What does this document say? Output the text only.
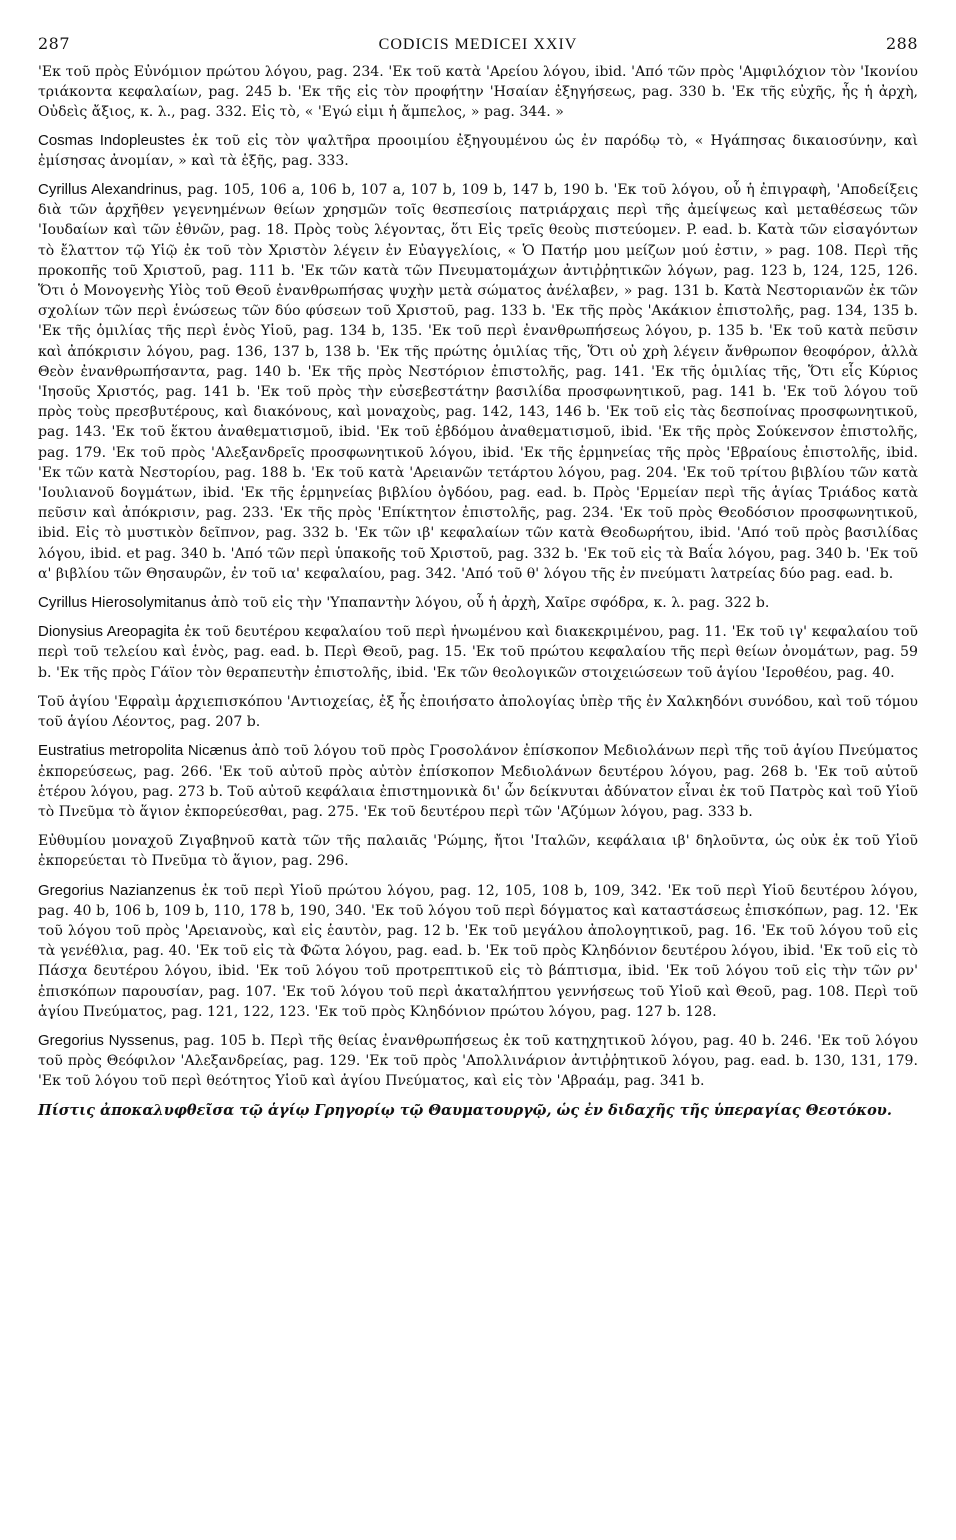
287	CODICIS MEDICEI XXIV	288

'Εκ τοῦ πρὸς Εὐνόμιον πρώτου λόγου, pag. 234. 'Εκ τοῦ κατὰ 'Αρείου λόγου, ibid. 'Από τῶν πρὸς 'Αμφιλόχιον τὸν 'Ικονίου τριάκοντα κεφαλαίων, pag. 245 b. 'Εκ τῆς εἰς τὸν προφήτην 'Ησαίαν ἐξηγήσεως, pag. 330 b. 'Εκ τῆς εὐχῆς, ἧς ἡ ἀρχὴ, Οὐδεὶς ἄξιος, κ. λ., pag. 332. Εἰς τὸ, « 'Εγώ εἰμι ἡ ἄμπελος, » pag. 344. »

Cosmas Indopleustes ἐκ τοῦ εἰς τὸν ψαλτῆρα προοιμίου ἐξηγουμένου ὡς ἐν παρόδῳ τὸ, « Ηγάπησας δικαιοσύνην, καὶ ἐμίσησας ἀνομίαν, » καὶ τὰ ἑξῆς, pag. 333.

Cyrillus Alexandrinus, pag. 105, 106 a, 106 b, 107 a, 107 b, 109 b, 147 b, 190 b. 'Εκ τοῦ λόγου, οὗ ἡ ἐπιγραφὴ, 'Αποδείξεις διὰ τῶν ἀρχῆθεν γεγενημένων θείων χρησμῶν τοῖς θεσπεσίοις πατριάρχαις περὶ τῆς ἀμείψεως καὶ μεταθέσεως τῶν 'Ιουδαίων καὶ τῶν ἐθνῶν, pag. 18. Πρὸς τοὺς λέγοντας, ὅτι Εἰς τρεῖς θεοὺς πιστεύομεν. P. ead. b. Κατὰ τῶν εἰσαγόντων τὸ ἔλαττον τῷ Υἱῷ ἐκ τοῦ τὸν Χριστὸν λέγειν ἐν Εὐαγγελίοις, « Ὁ Πατήρ μου μείζων μού ἐστιν, » pag. 108. Περὶ τῆς προκοπῆς τοῦ Χριστοῦ, pag. 111 b. 'Εκ τῶν κατὰ τῶν Πνευματομάχων ἀντιῤῥητικῶν λόγων, pag. 123 b, 124, 125, 126. Ὅτι ὁ Μονογενὴς Υἱὸς τοῦ Θεοῦ ἐνανθρωπήσας ψυχὴν μετὰ σώματος ἀνέλαβεν, » pag. 131 b. Κατὰ Νεστοριανῶν ἐκ τῶν σχολίων τῶν περὶ ἑνώσεως τῶν δύο φύσεων τοῦ Χριστοῦ, pag. 133 b. 'Εκ τῆς πρὸς 'Ακάκιον ἐπιστολῆς, pag. 134, 135 b. 'Εκ τῆς ὁμιλίας τῆς περὶ ἑνὸς Υἱοῦ, pag. 134 b, 135. 'Εκ τοῦ περὶ ἐνανθρωπήσεως λόγου, p. 135 b. 'Εκ τοῦ κατὰ πεῦσιν καὶ ἀπόκρισιν λόγου, pag. 136, 137 b, 138 b. 'Εκ τῆς πρώτης ὁμιλίας τῆς, Ὅτι οὐ χρὴ λέγειν ἄνθρωπον θεοφόρον, ἀλλὰ Θεὸν ἐνανθρωπήσαντα, pag. 140 b. 'Εκ τῆς πρὸς Νεστόριον ἐπιστολῆς, pag. 141. 'Εκ τῆς ὁμιλίας τῆς, Ὅτι εἷς Κύριος 'Ιησοῦς Χριστός, pag. 141 b. 'Εκ τοῦ πρὸς τὴν εὐσεβεστάτην βασιλίδα προσφωνητικοῦ, pag. 141 b. 'Εκ τοῦ λόγου τοῦ πρὸς τοὺς πρεσβυτέρους, καὶ διακόνους, καὶ μοναχοὺς, pag. 142, 143, 146 b. 'Εκ τοῦ εἰς τὰς δεσποίνας προσφωνητικοῦ, pag. 143. 'Εκ τοῦ ἕκτου ἀναθεματισμοῦ, ibid. 'Εκ τοῦ ἑβδόμου ἀναθεματισμοῦ, ibid. 'Εκ τῆς πρὸς Σούκενσον ἐπιστολῆς, pag. 179. 'Εκ τοῦ πρὸς 'Αλεξανδρεῖς προσφωνητικοῦ λόγου, ibid. 'Εκ τῆς ἑρμηνείας τῆς πρὸς 'Εβραίους ἐπιστολῆς, ibid. 'Εκ τῶν κατὰ Νεστορίου, pag. 188 b. 'Εκ τοῦ κατὰ 'Αρειανῶν τετάρτου λόγου, pag. 204. 'Εκ τοῦ τρίτου βιβλίου τῶν κατὰ 'Ιουλιανοῦ δογμάτων, ibid. 'Εκ τῆς ἑρμηνείας βιβλίου ὀγδόου, pag. ead. b. Πρὸς 'Ερμείαν περὶ τῆς ἁγίας Τριάδος κατὰ πεῦσιν καὶ ἀπόκρισιν, pag. 233. 'Εκ τῆς πρὸς 'Επίκτητον ἐπιστολῆς, pag. 234. 'Εκ τοῦ πρὸς Θεοδόσιον προσφωνητικοῦ, ibid. Εἰς τὸ μυστικὸν δεῖπνον, pag. 332 b. 'Εκ τῶν ιβ' κεφαλαίων τῶν κατὰ Θεοδωρήτου, ibid. 'Από τοῦ πρὸς βασιλίδας λόγου, ibid. et pag. 340 b. 'Από τῶν περὶ ὑπακοῆς τοῦ Χριστοῦ, pag. 332 b. 'Εκ τοῦ εἰς τὰ Βαΐα λόγου, pag. 340 b. 'Εκ τοῦ α' βιβλίου τῶν Θησαυρῶν, ἐν τοῦ ια' κεφαλαίου, pag. 342. 'Από τοῦ θ' λόγου τῆς ἐν πνεύματι λατρείας δύο pag. ead. b.

Cyrillus Hierosolymitanus ἀπὸ τοῦ εἰς τὴν 'Υπαπαντὴν λόγου, οὗ ἡ ἀρχὴ, Χαῖρε σφόδρα, κ. λ. pag. 322 b.

Dionysius Areopagita ἐκ τοῦ δευτέρου κεφαλαίου τοῦ περὶ ἡνωμένου καὶ διακεκριμένου, pag. 11. 'Εκ τοῦ ιγ' κεφαλαίου τοῦ περὶ τοῦ τελείου καὶ ἑνὸς, pag. ead. b. Περὶ Θεοῦ, pag. 15. 'Εκ τοῦ πρώτου κεφαλαίου τῆς περὶ θείων ὀνομάτων, pag. 59 b. 'Εκ τῆς πρὸς Γάϊον τὸν θεραπευτὴν ἐπιστολῆς, ibid. 'Εκ τῶν θεολογικῶν στοιχειώσεων τοῦ ἁγίου 'Ιεροθέου, pag. 40.

Τοῦ ἁγίου 'Εφραὶμ ἀρχιεπισκόπου 'Αντιοχείας, ἐξ ἧς ἐποιήσατο ἀπολογίας ὑπὲρ τῆς ἐν Χαλκηδόνι συνόδου, καὶ τοῦ τόμου τοῦ ἁγίου Λέοντος, pag. 207 b.

Eustratius metropolita Nicænus ἀπὸ τοῦ λόγου τοῦ πρὸς Γροσολάνον ἐπίσκοπον Μεδιολάνων περὶ τῆς τοῦ ἁγίου Πνεύματος ἐκπορεύσεως, pag. 266. 'Εκ τοῦ αὐτοῦ πρὸς αὐτὸν ἐπίσκοπον Μεδιολάνων δευτέρου λόγου, pag. 268 b. 'Εκ τοῦ αὐτοῦ ἑτέρου λόγου, pag. 273 b. Τοῦ αὐτοῦ κεφάλαια ἐπιστημονικὰ δι' ὧν δείκνυται ἀδύνατον εἶναι ἐκ τοῦ Πατρὸς καὶ τοῦ Υἱοῦ τὸ Πνεῦμα τὸ ἅγιον ἐκπορεύεσθαι, pag. 275. 'Εκ τοῦ δευτέρου περὶ τῶν 'Αζύμων λόγου, pag. 333 b.

Εὐθυμίου μοναχοῦ Ζιγαβηνοῦ κατὰ τῶν τῆς παλαιᾶς 'Ρώμης, ἤτοι 'Ιταλῶν, κεφάλαια ιβ' δηλοῦντα, ὡς οὐκ ἐκ τοῦ Υἱοῦ ἐκπορεύεται τὸ Πνεῦμα τὸ ἅγιον, pag. 296.

Gregorius Nazianzenus ἐκ τοῦ περὶ Υἱοῦ πρώτου λόγου, pag. 12, 105, 108 b, 109, 342. 'Εκ τοῦ περὶ Υἱοῦ δευτέρου λόγου, pag. 40 b, 106 b, 109 b, 110, 178 b, 190, 340. 'Εκ τοῦ λόγου τοῦ περὶ δόγματος καὶ καταστάσεως ἐπισκόπων, pag. 12. 'Εκ τοῦ λόγου τοῦ πρὸς 'Αρειανοὺς, καὶ εἰς ἑαυτὸν, pag. 12 b. 'Εκ τοῦ μεγάλου ἀπολογητικοῦ, pag. 16. 'Εκ τοῦ λόγου τοῦ εἰς τὰ γενέθλια, pag. 40. 'Εκ τοῦ εἰς τὰ Φῶτα λόγου, pag. ead. b. 'Εκ τοῦ πρὸς Κληδόνιον δευτέρου λόγου, ibid. 'Εκ τοῦ εἰς τὸ Πάσχα δευτέρου λόγου, ibid. 'Εκ τοῦ λόγου τοῦ προτρεπτικοῦ εἰς τὸ βάπτισμα, ibid. 'Εκ τοῦ λόγου τοῦ εἰς τὴν τῶν ρν' ἐπισκόπων παρουσίαν, pag. 107. 'Εκ τοῦ λόγου τοῦ περὶ ἀκαταλήπτου γεννήσεως τοῦ Υἱοῦ καὶ Θεοῦ, pag. 108. Περὶ τοῦ ἁγίου Πνεύματος, pag. 121, 122, 123. 'Εκ τοῦ πρὸς Κληδόνιον πρώτου λόγου, pag. 127 b. 128.

Gregorius Nyssenus, pag. 105 b. Περὶ τῆς θείας ἐνανθρωπήσεως ἐκ τοῦ κατηχητικοῦ λόγου, pag. 40 b. 246. 'Εκ τοῦ λόγου τοῦ πρὸς Θεόφιλον 'Αλεξανδρείας, pag. 129. 'Εκ τοῦ πρὸς 'Απολλινάριον ἀντιῤῥητικοῦ λόγου, pag. ead. b. 130, 131, 179. 'Εκ τοῦ λόγου τοῦ περὶ θεότητος Υἱοῦ καὶ ἁγίου Πνεύματος, καὶ εἰς τὸν 'Αβραάμ, pag. 341 b.

Πίστις ἀποκαλυφθεῖσα τῷ ἁγίῳ Γρηγορίῳ τῷ Θαυματουργῷ, ὡς ἐν διδαχῆς τῆς ὑπεραγίας Θεοτόκου.
